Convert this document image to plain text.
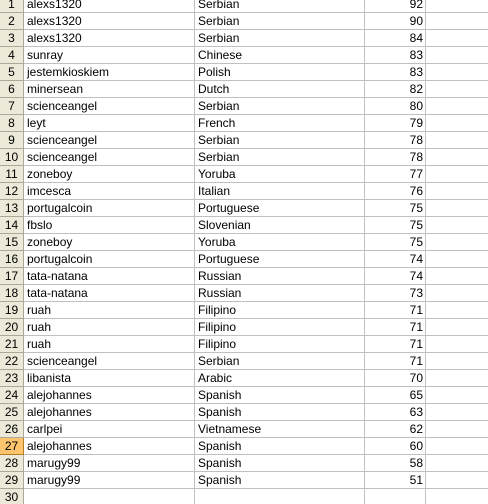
1	alexs1320	Serbian	92
2	alexs1320	Serbian	90
3	alexs1320	Serbian	84
4	sunray	Chinese	83
5	jestemkioskiem	Polish	83
6	minersean	Dutch	82
7	scienceangel	Serbian	80
8	leyt	French	79
9	scienceangel	Serbian	78
10 scienceangel	Serbian	78
11 zoneboy	Yoruba	77
12 imcesca	Italian	76
13 portugalcoin	Portuguese	75
14 fbslo	Slovenian	75
15 zoneboy	Yoruba	75
16 portugalcoin	Portuguese	74
17 tata-natana	Russian	74
18 tata-natana	Russian	73
19 ruah	Filipino	71
20 ruah	Filipino	71
21 ruah	Filipino	71
22 scienceangel	Serbian	71
23 libanista	Arabic	70
24 alejohannes	Spanish	65
25 alejohannes	Spanish	63
26 carlpei	Vietnamese	62
27 alejohannes	Spanish	60
28 marugy99	Spanish	58
29 marugy99	Spanish	51
30
